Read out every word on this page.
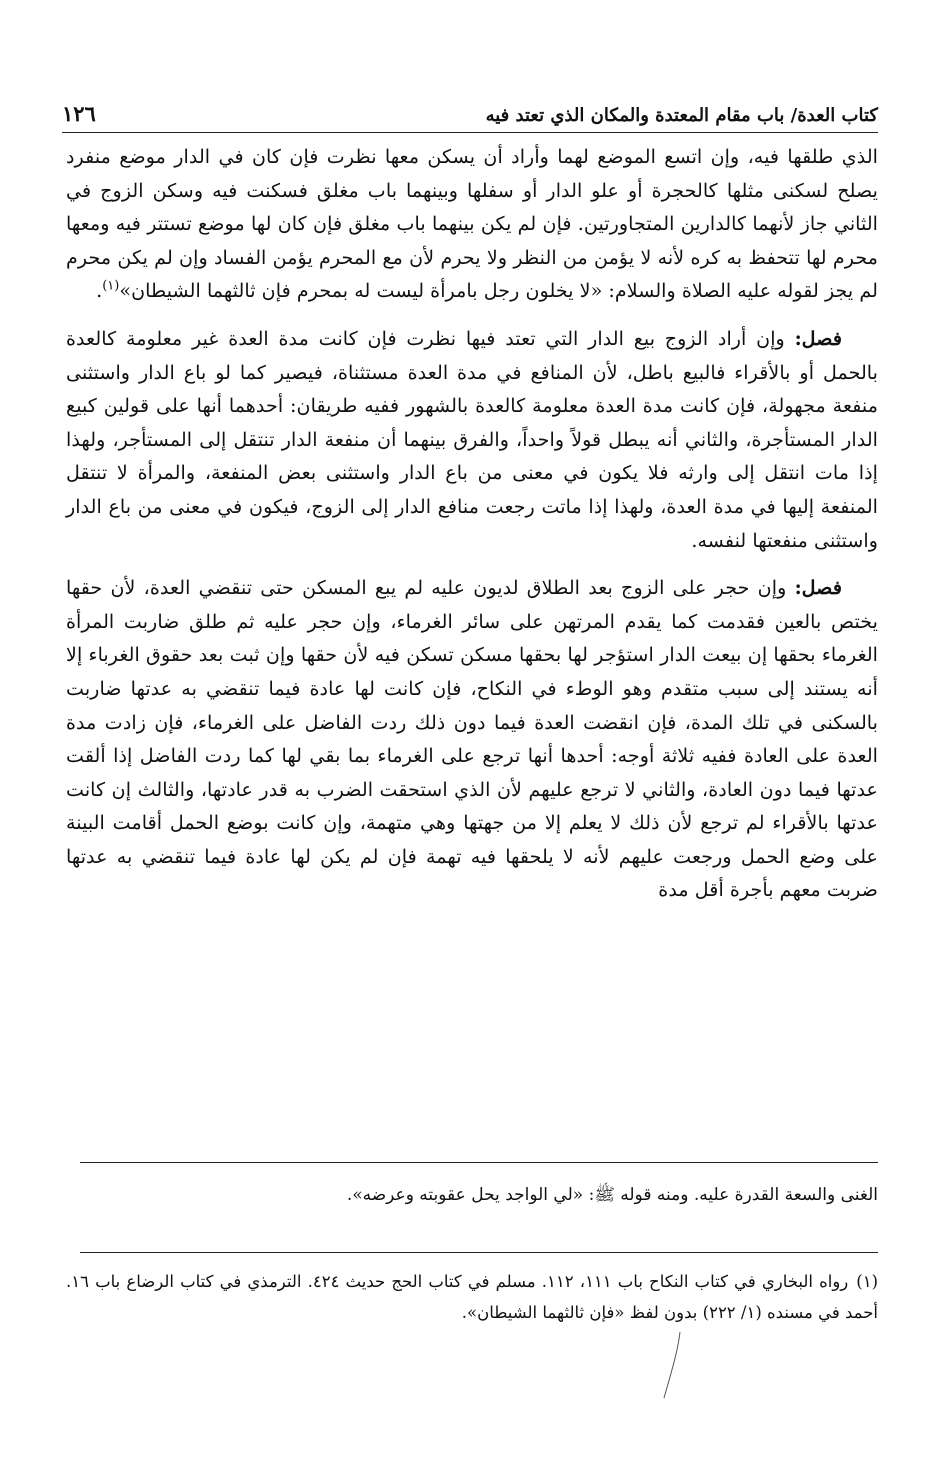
كتاب العدة/ باب مقام المعتدة والمكان الذي تعتد فيه
١٢٦

الذي طلقها فيه، وإن اتسع الموضع لهما وأراد أن يسكن معها نظرت فإن كان في الدار موضع منفرد يصلح لسكنى مثلها كالحجرة أو علو الدار أو سفلها وبينهما باب مغلق فسكنت فيه وسكن الزوج في الثاني جاز لأنهما كالدارين المتجاورتين. فإن لم يكن بينهما باب مغلق فإن كان لها موضع تستتر فيه ومعها محرم لها تتحفظ به كره لأنه لا يؤمن من النظر ولا يحرم لأن مع المحرم يؤمن الفساد وإن لم يكن محرم لم يجز لقوله عليه الصلاة والسلام: «لا يخلون رجل بامرأة ليست له بمحرم فإن ثالثهما الشيطان»$^{(١)}$.

فصل: وإن أراد الزوج بيع الدار التي تعتد فيها نظرت فإن كانت مدة العدة غير معلومة كالعدة بالحمل أو بالأقراء فالبيع باطل، لأن المنافع في مدة العدة مستثناة، فيصير كما لو باع الدار واستثنى منفعة مجهولة، فإن كانت مدة العدة معلومة كالعدة بالشهور ففيه طريقان: أحدهما أنها على قولين كبيع الدار المستأجرة، والثاني أنه يبطل قولاً واحداً، والفرق بينهما أن منفعة الدار تنتقل إلى المستأجر، ولهذا إذا مات انتقل إلى وارثه فلا يكون في معنى من باع الدار واستثنى بعض المنفعة، والمرأة لا تنتقل المنفعة إليها في مدة العدة، ولهذا إذا ماتت رجعت منافع الدار إلى الزوج، فيكون في معنى من باع الدار واستثنى منفعتها لنفسه.

فصل: وإن حجر على الزوج بعد الطلاق لديون عليه لم يبع المسكن حتى تنقضي العدة، لأن حقها يختص بالعين فقدمت كما يقدم المرتهن على سائر الغرماء، وإن حجر عليه ثم طلق ضاربت المرأة الغرماء بحقها إن بيعت الدار استؤجر لها بحقها مسكن تسكن فيه لأن حقها وإن ثبت بعد حقوق الغرباء إلا أنه يستند إلى سبب متقدم وهو الوطء في النكاح، فإن كانت لها عادة فيما تنقضي به عدتها ضاربت بالسكنى في تلك المدة، فإن انقضت العدة فيما دون ذلك ردت الفاضل على الغرماء، فإن زادت مدة العدة على العادة ففيه ثلاثة أوجه: أحدها أنها ترجع على الغرماء بما بقي لها كما ردت الفاضل إذا ألقت عدتها فيما دون العادة، والثاني لا ترجع عليهم لأن الذي استحقت الضرب به قدر عادتها، والثالث إن كانت عدتها بالأقراء لم ترجع لأن ذلك لا يعلم إلا من جهتها وهي متهمة، وإن كانت بوضع الحمل أقامت البينة على وضع الحمل ورجعت عليهم لأنه لا يلحقها فيه تهمة فإن لم يكن لها عادة فيما تنقضي به عدتها ضربت معهم بأجرة أقل مدة

الغنى والسعة القدرة عليه. ومنه قوله ﷺ: «لي الواجد يحل عقوبته وعرضه».
(١)رواه البخاري في كتاب النكاح باب ١١١، ١١٢. مسلم في كتاب الحج حديث ٤٢٤. الترمذي في كتاب الرضاع باب ١٦. أحمد في مسنده (١/ ٢٢٢) بدون لفظ «فإن ثالثهما الشيطان».
